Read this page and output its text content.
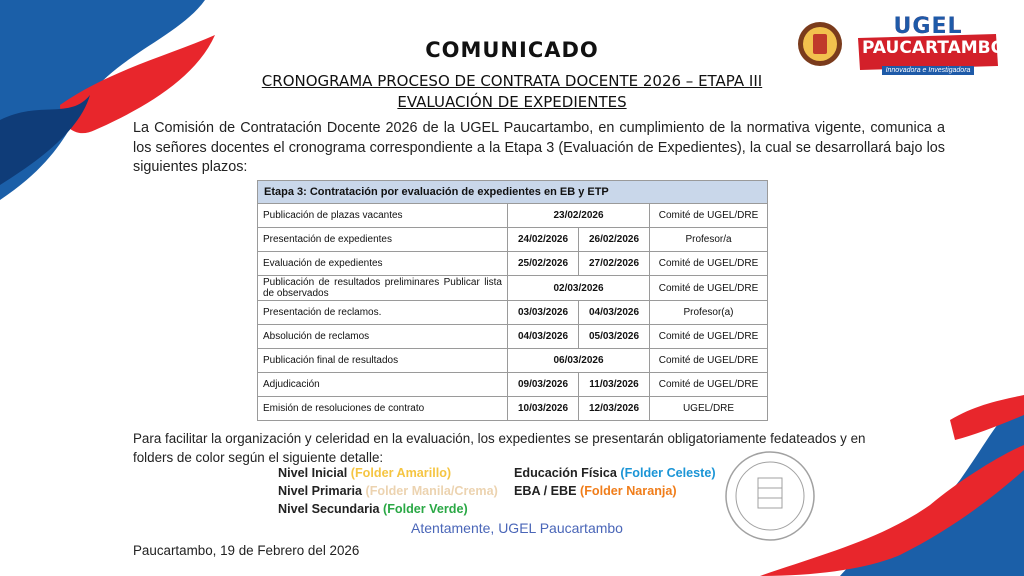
UGEL
PAUCARTAMBO
Innovadora e Investigadora
COMUNICADO
CRONOGRAMA PROCESO DE CONTRATA DOCENTE 2026 – ETAPA III
EVALUACIÓN DE EXPEDIENTES
La Comisión de Contratación Docente 2026 de la UGEL Paucartambo, en cumplimiento de la normativa vigente, comunica a los señores docentes el cronograma correspondiente a la Etapa 3 (Evaluación de Expedientes), la cual se desarrollará bajo los siguientes plazos:
Etapa 3: Contratación por evaluación de expedientes en EB y ETP			
Publicación de plazas vacantes	23/02/2026		Comité de UGEL/DRE
Presentación de expedientes	24/02/2026	26/02/2026	Profesor/a
Evaluación de expedientes	25/02/2026	27/02/2026	Comité de UGEL/DRE
Publicación de resultados preliminares Publicar lista de observados	02/03/2026		Comité de UGEL/DRE
Presentación de reclamos.	03/03/2026	04/03/2026	Profesor(a)
Absolución de reclamos	04/03/2026	05/03/2026	Comité de UGEL/DRE
Publicación final de resultados	06/03/2026		Comité de UGEL/DRE
Adjudicación	09/03/2026	11/03/2026	Comité de UGEL/DRE
Emisión de resoluciones de contrato	10/03/2026	12/03/2026	UGEL/DRE
Para facilitar la organización y celeridad en la evaluación, los expedientes se presentarán obligatoriamente fedateados y en folders de color según el siguiente detalle:
Nivel Inicial (Folder Amarillo)
Nivel Primaria (Folder Manila/Crema)
Nivel Secundaria (Folder Verde)
Educación Física (Folder Celeste)
EBA / EBE (Folder Naranja)
Atentamente, UGEL Paucartambo
Paucartambo, 19 de Febrero del 2026
